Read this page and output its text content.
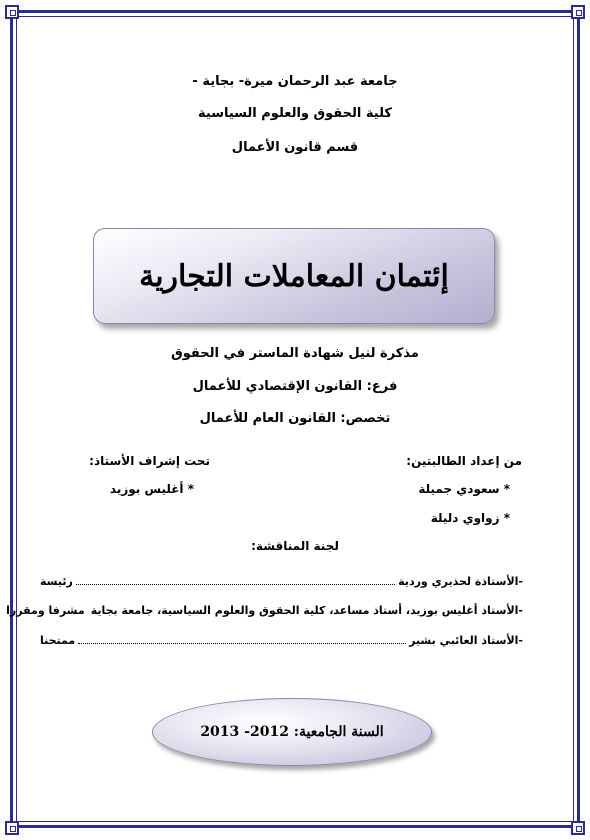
جامعة عبد الرحمان ميرة- بجاية -
كلية الحقوق والعلوم السياسية
قسم قانون الأعمال
إئتمان المعاملات التجارية
مذكرة لنيل شهادة الماستر في الحقوق
فرع: القانون الإقتصادي للأعمال
تخصص: القانون العام للأعمال
من إعداد الطالبتين:
تحت إشراف الأستاذ:
* سعودي جميلة
* أغليس بوزيد
* زواوي دليلة
لجنة المناقشة:
-الأستاذة لحذيري وردية
رئيسة
-الأستاذ أغليس بوزيد، أستاذ مساعد، كلية الحقوق والعلوم السياسية، جامعة بجاية
مشرفا ومقررا
-الأستاذ العائبي بشير
ممتحنا
السنة الجامعية: 2012- 2013
